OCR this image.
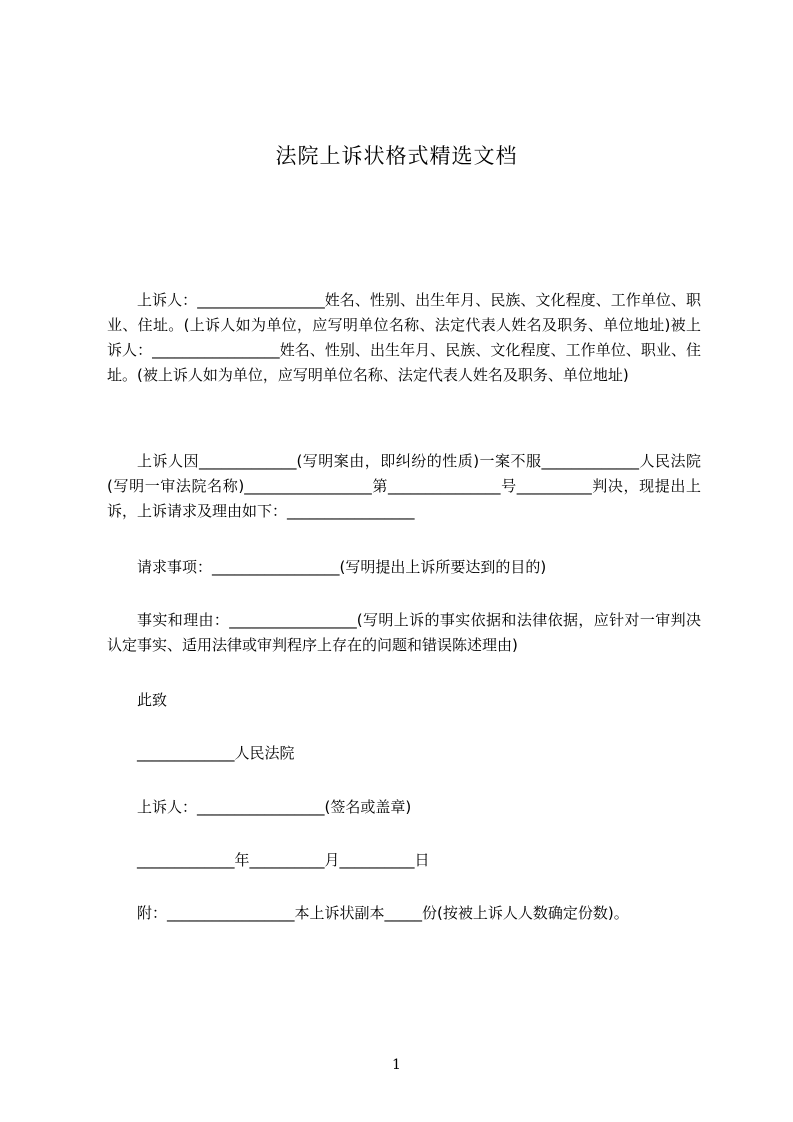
法院上诉状格式精选文档

上诉人：_________________姓名、性别、出生年月、民族、文化程度、工作单位、职业、住址。(上诉人如为单位，应写明单位名称、法定代表人姓名及职务、单位地址)被上诉人：_________________姓名、性别、出生年月、民族、文化程度、工作单位、职业、住址。(被上诉人如为单位，应写明单位名称、法定代表人姓名及职务、单位地址)

上诉人因_____________(写明案由，即纠纷的性质)一案不服_____________人民法院(写明一审法院名称)_________________第_______________号__________判决，现提出上诉，上诉请求及理由如下：_________________

请求事项：_________________(写明提出上诉所要达到的目的)

事实和理由：_________________(写明上诉的事实依据和法律依据，应针对一审判决认定事实、适用法律或审判程序上存在的问题和错误陈述理由)

此致
_____________人民法院
上诉人：_________________(签名或盖章)
_____________年__________月__________日
附：_________________本上诉状副本_____份(按被上诉人人数确定份数)。
1
